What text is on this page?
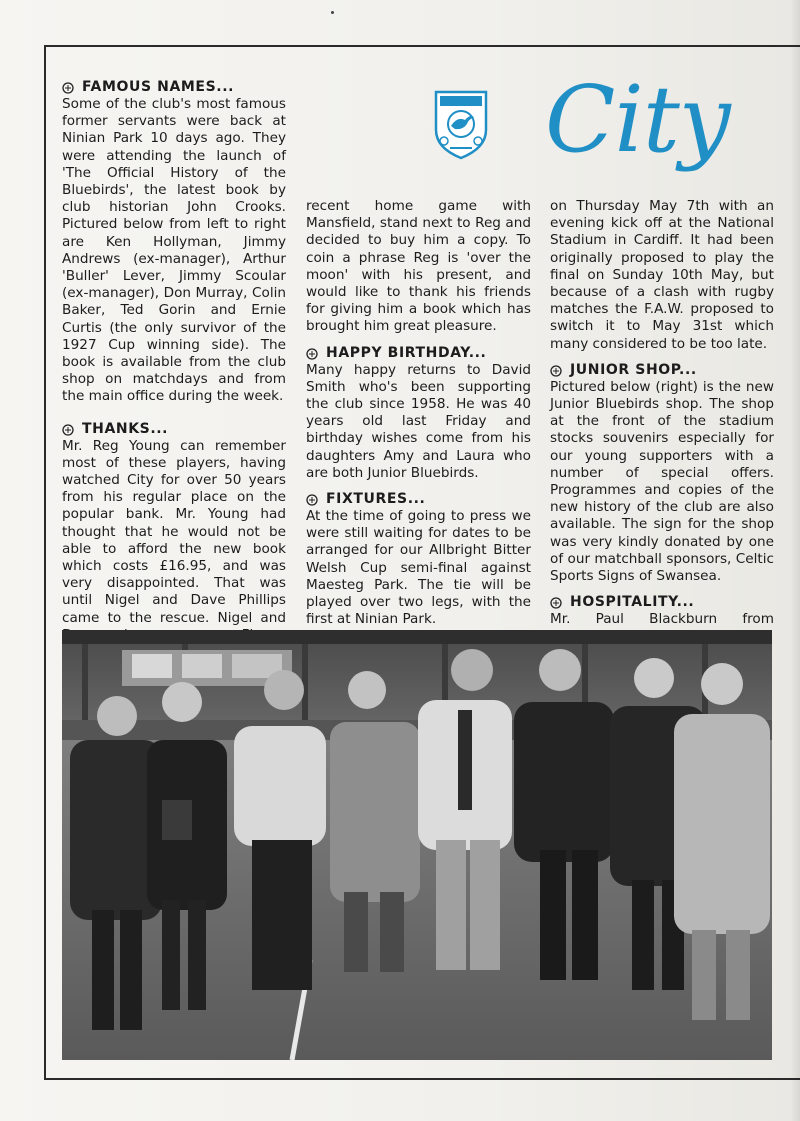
City
FAMOUS NAMES...

Some of the club's most famous former servants were back at Ninian Park 10 days ago. They were attending the launch of 'The Official History of the Bluebirds', the latest book by club historian John Crooks. Pictured below from left to right are Ken Hollyman, Jimmy Andrews (ex-manager), Arthur 'Buller' Lever, Jimmy Scoular (ex-manager), Don Murray, Colin Baker, Ted Gorin and Ernie Curtis (the only survivor of the 1927 Cup winning side). The book is available from the club shop on matchdays and from the main office during the week.

THANKS...

Mr. Reg Young can remember most of these players, having watched City for over 50 years from his regular place on the popular bank. Mr. Young had thought that he would not be able to afford the new book which costs £16.95, and was very disappointed. That was until Nigel and Dave Phillips came to the rescue. Nigel and

recent home game with Mansfield, stand next to Reg and decided to buy him a copy. To coin a phrase Reg is 'over the moon' with his present, and would like to thank his friends for giving him a book which has brought him great pleasure.

HAPPY BIRTHDAY...

Many happy returns to David Smith who's been supporting the club since 1958. He was 40 years old last Friday and birthday wishes come from his daughters Amy and Laura who are both Junior Bluebirds.

FIXTURES...

At the time of going to press we were still waiting for dates to be arranged for our Allbright Bitter Welsh Cup semi-final against Maesteg Park. The tie will be played over two legs, with the first at Ninian Park.

on Thursday May 7th with an evening kick off at the National Stadium in Cardiff. It had been originally proposed to play the final on Sunday 10th May, but because of a clash with rugby matches the F.A.W. proposed to switch it to May 31st which many considered to be too late.

JUNIOR SHOP...

Pictured below (right) is the new Junior Bluebirds shop. The shop at the front of the stadium stocks souvenirs especially for our young supporters with a number of special offers. Programmes and copies of the new history of the club are also available. The sign for the shop was very kindly donated by one of our matchball sponsors, Celtic Sports Signs of Swansea.

HOSPITALITY...

Mr. Paul Blackburn from
